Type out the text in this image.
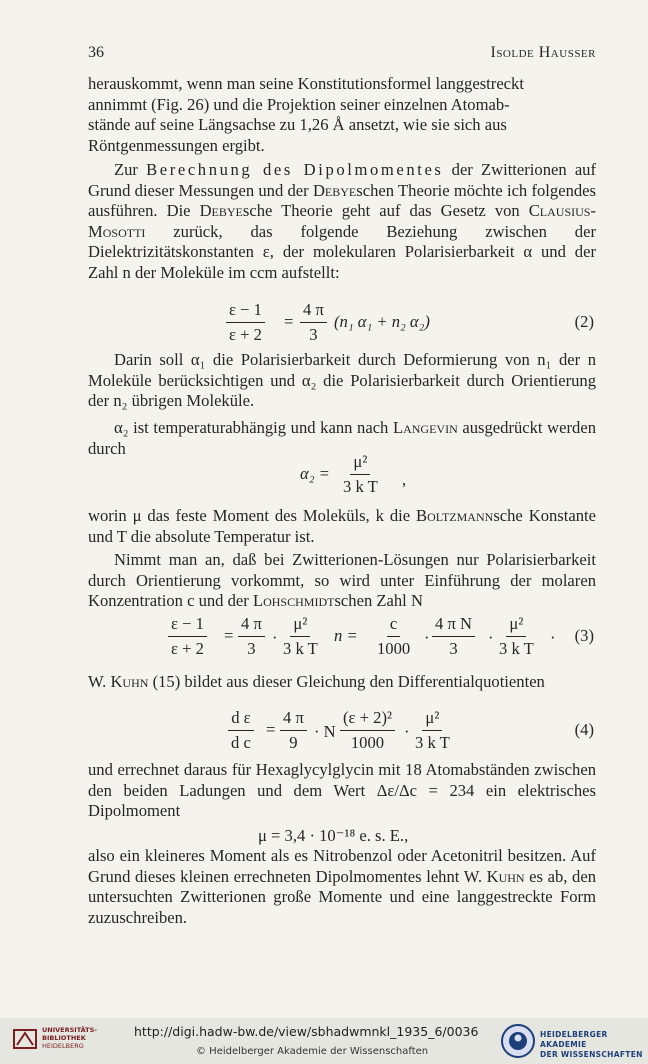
36	Isolde Hausser
herauskommt, wenn man seine Konstitutionsformel langgestreckt
annimmt (Fig. 26) und die Projektion seiner einzelnen Atomab-
stände auf seine Längsachse zu 1,26 Å ansetzt, wie sie sich aus
Röntgenmessungen ergibt.

Zur Berechnung des Dipolmomentes der Zwitterionen auf Grund dieser Messungen und der Debyeschen Theorie möchte ich folgendes ausführen. Die Debyesche Theorie geht auf das Gesetz von Clausius-Mosotti zurück, das folgende Beziehung zwischen der Dielektrizitätskonstanten ε, der molekularen Polarisierbarkeit α und der Zahl n der Moleküle im ccm aufstellt:

$\frac{\varepsilon - 1}{\varepsilon + 2} = \frac{4 \pi}{3} (n_1$ α₁ + n₂ α₂)	(2)

Darin soll α₁ die Polarisierbarkeit durch Deformierung von n₁ der n Moleküle berücksichtigen und α₂ die Polarisierbarkeit durch Orientierung der n₂ übrigen Moleküle.

α₂ ist temperaturabhängig und kann nach Langevin ausgedrückt werden durch

$\alpha_2 = \frac{\text{μ²}}{\text{3 k T}}$ ,

worin μ das feste Moment des Moleküls, k die Boltzmannsche Konstante und T die absolute Temperatur ist.

Nimmt man an, daß bei Zwitterionen-Lösungen nur Polarisierbarkeit durch Orientierung vorkommt, so wird unter Einführung der molaren Konzentration c und der Lohschmidtschen Zahl N

$\frac{\varepsilon - 1}{\varepsilon + 2} = \frac{4 \pi}{3} \cdot \frac{\text{μ²}}{\text{3 k T}}$ $n = \frac{c}{1000} \cdot \frac{\text{4 π N}}{3} \cdot \frac{\text{μ²}}{\text{3 k T}} \cdot (3)$

W. Kuhn (15) bildet aus dieser Gleichung den Differentialquotienten

$\frac{\text{d ε}}{\text{d c}} = \frac{4 \pi}{9} \cdot N \frac{\text{(ε + 2)²}}{1000} \cdot \frac{\text{μ²}}{\text{3 k T}}$	(4)

und errechnet daraus für Hexaglycylglycin mit 18 Atomabständen zwischen den beiden Ladungen und dem Wert Δε/Δc = 234 ein elektrisches Dipolmoment

μ = 3,4 · 10⁻¹⁸ e. s. E.,

also ein kleineres Moment als es Nitrobenzol oder Acetonitril besitzen. Auf Grund dieses kleinen errechneten Dipolmomentes lehnt W. Kuhn es ab, den untersuchten Zwitterionen große Momente und eine langgestreckte Form zuzuschreiben.

UNIVERSITÄTS-
BIBLIOTHEK
HEIDELBERG
http://digi.hadw-bw.de/view/sbhadwmnkl_1935_6/0036
© Heidelberger Akademie der Wissenschaften
HEIDELBERGER AKADEMIE
DER WISSENSCHAFTEN
